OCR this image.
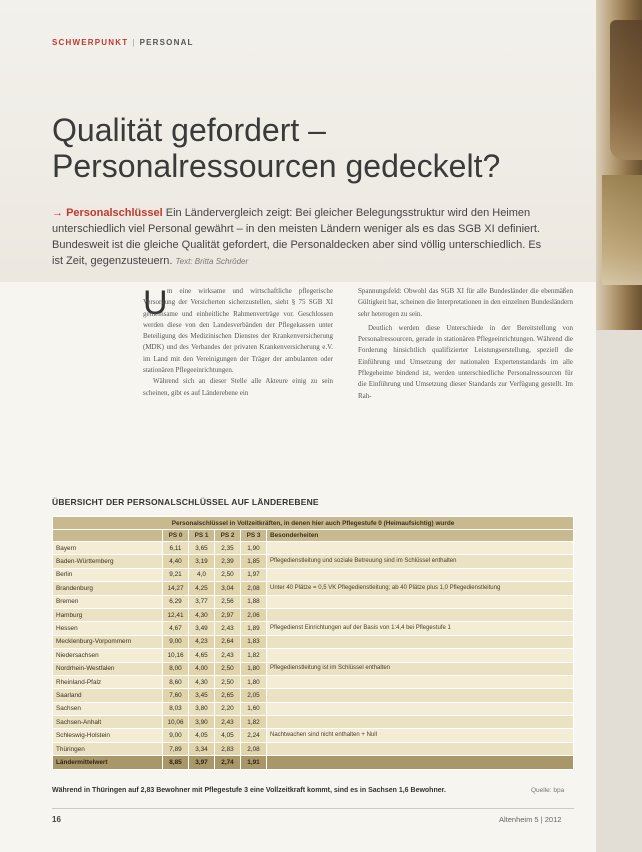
SCHWERPUNKT | PERSONAL
Qualität gefordert –
Personalressourcen gedeckelt?

→ Personalschlüssel Ein Ländervergleich zeigt: Bei gleicher Belegungsstruktur wird den Heimen unterschiedlich viel Personal gewährt – in den meisten Ländern weniger als es das SGB XI definiert. Bundesweit ist die gleiche Qualität gefordert, die Personaldecken aber sind völlig unterschiedlich. Es ist Zeit, gegenzusteuern. Text: Britta Schröder

U m eine wirksame und wirtschaftliche pflegerische Versorgung der Versicherten sicherzustellen, sieht § 75 SGB XI gemeinsame und einheitliche Rahmenverträge vor. Geschlossen werden diese von den Landesverbänden der Pflegekassen unter Beteiligung des Medizinischen Dienstes der Krankenversicherung (MDK) und des Verbandes der privaten Krankenversicherung e.V. im Land mit den Vereinigungen der Träger der ambulanten oder stationären Pflegeeinrichtungen.

Während sich an dieser Stelle alle Akteure einig zu sein scheinen, gibt es auf Länderebene ein

Spannungsfeld: Obwohl das SGB XI für alle Bundesländer die ebenmäßen Gültigkeit hat, scheinen die Interpretationen in den einzelnen Bundesländern sehr heterogen zu sein.

Deutlich werden diese Unterschiede in der Bereitstellung von Personalressourcen, gerade in stationären Pflegeeinrichtungen. Während die Forderung hinsichtlich qualifizierter Leistungserstellung, speziell die Einführung und Umsetzung der nationalen Expertenstandards im alle Pflegeheime bindend ist, werden unterschiedliche Personalressourcen für die Einführung und Umsetzung dieser Standards zur Verfügung gestellt. Im Rah-

ÜBERSICHT DER PERSONALSCHLÜSSEL AUF LÄNDEREBENE
Personalschlüssel in Vollzeitkräften, in denen hier auch Pflegestufe 0 (Heimaufsichtig) wurde					
	PS 0	PS 1	PS 2	PS 3	Besonderheiten
Bayern	6,11	3,65	2,35	1,90	
Baden-Württemberg	4,40	3,19	2,39	1,85	Pflegedienstleitung und soziale Betreuung sind im Schlüssel enthalten
Berlin	9,21	4,0	2,50	1,97	
Brandenburg	14,27	4,25	3,04	2,08	Unter 40 Plätze = 0,5 VK Pflegedienstleitung; ab 40 Plätze plus 1,0 Pflegedienstleitung
Bremen	6,29	3,77	2,56	1,88	
Hamburg	12,41	4,30	2,97	2,06	
Hessen	4,67	3,49	2,43	1,89	Pflegedienst Einrichtungen auf der Basis von 1:4,4 bei Pflegestufe 1
Mecklenburg-Vorpommern	9,00	4,23	2,64	1,83	
Niedersachsen	10,16	4,65	2,43	1,82	
Nordrhein-Westfalen	8,00	4,00	2,50	1,80	Pflegedienstleitung ist im Schlüssel enthalten
Rheinland-Pfalz	8,60	4,30	2,50	1,80	
Saarland	7,60	3,45	2,65	2,05	
Sachsen	8,03	3,80	2,20	1,60	
Sachsen-Anhalt	10,06	3,90	2,43	1,82	
Schleswig-Holstein	9,00	4,05	4,05	2,24	Nachtwachen sind nicht enthalten + Null
Thüringen	7,89	3,34	2,83	2,08	
Ländermittelwert	8,85	3,97	2,74	1,91	
Während in Thüringen auf 2,83 Bewohner mit Pflegestufe 3 eine Vollzeitkraft kommt, sind es in Sachsen 1,6 Bewohner.	Quelle: bpa
16	Altenheim 5 | 2012
